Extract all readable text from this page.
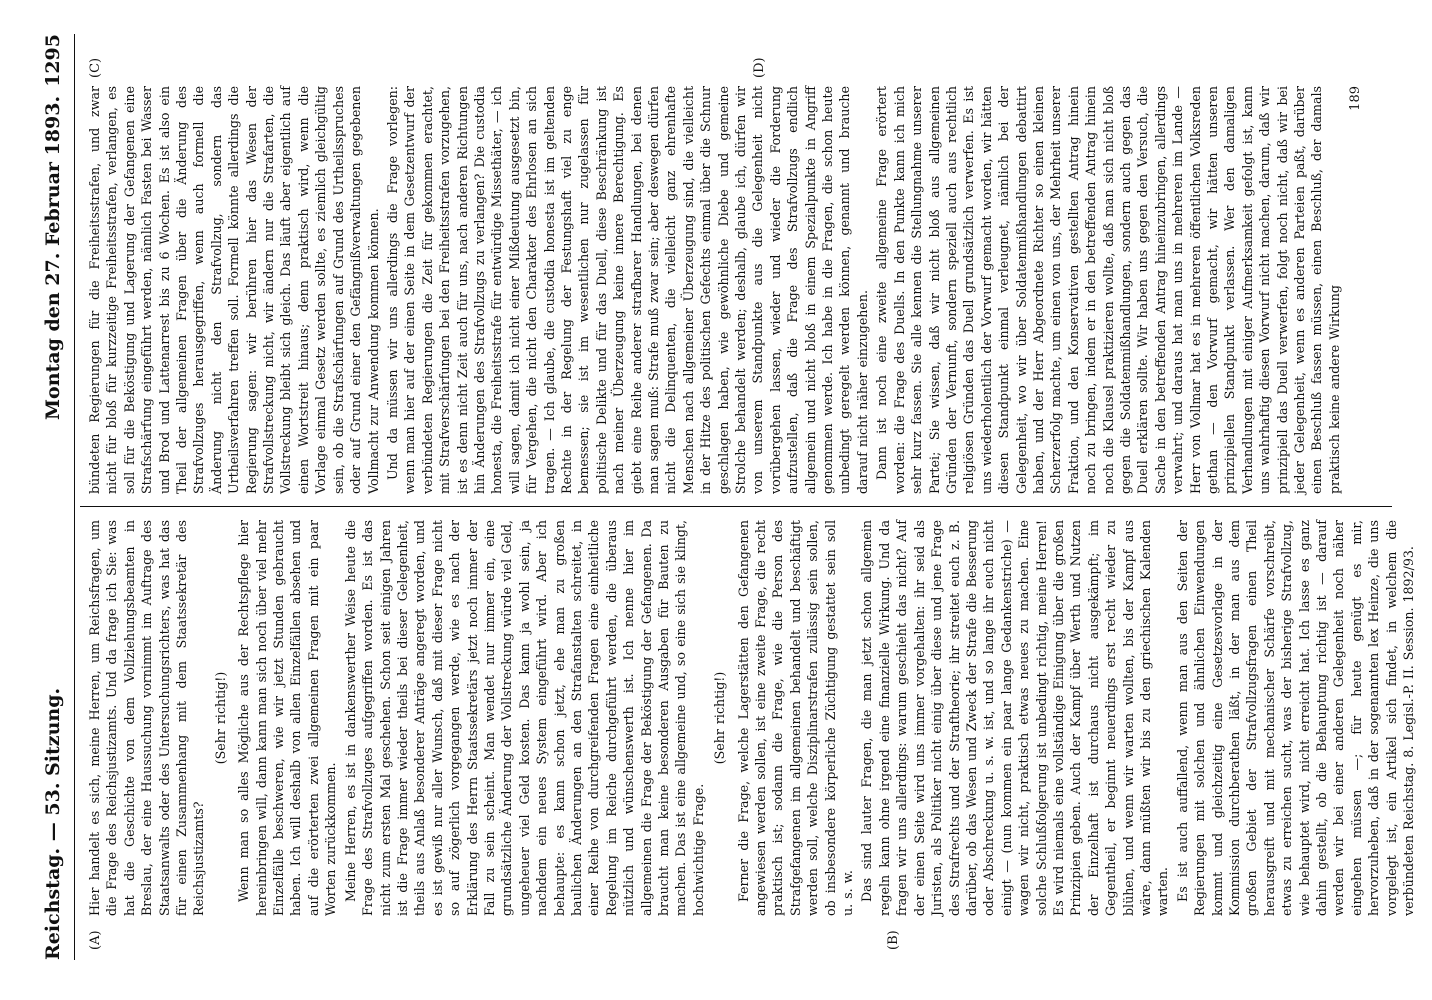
Reichstag. — 53. Sitzung.
Montag den 27. Februar 1893.
1295
(A)	(B)
(C)	(D)

Hier handelt es sich, meine Herren, um Reichsfragen, um die Frage des Reichsjustizamts. Und da frage ich Sie: was hat die Geschichte von dem Vollziehungsbeamten in Breslau, der eine Haussuchung vornimmt im Auftrage des Staatsanwalts oder des Untersuchungsrichters, was hat das für einen Zusammenhang mit dem Staatssekretär des Reichsjustizamts?

(Sehr richtig!) Wenn man so alles Mögliche aus der Rechtspflege hier hereinbringen will, dann kann man sich noch über viel mehr Einzelfälle beschweren, wie wir jetzt Stunden gebraucht haben. Ich will deshalb von allen Einzelfällen absehen und auf die erörterten zwei allgemeinen Fragen mit ein paar Worten zurückkommen. Meine Herren, es ist in dankenswerther Weise heute die Frage des Strafvollzuges aufgegriffen worden. Es ist das nicht zum ersten Mal geschehen. Schon seit einigen Jahren ist die Frage immer wieder theils bei dieser Gelegenheit, theils aus Anlaß besonderer Anträge angeregt worden, und es ist gewiß nur aller Wunsch, daß mit dieser Frage nicht so auf zögerlich vorgegangen werde, wie es nach der Erklärung des Herrn Staatssekretärs jetzt noch immer der Fall zu sein scheint. Man wendet nur immer ein, eine grundsätzliche Änderung der Vollstreckung würde viel Geld, ungeheuer viel Geld kosten. Das kann ja wohl sein, ja nachdem ein neues System eingeführt wird. Aber ich behaupte: es kann schon jetzt, ehe man zu großen baulichen Änderungen an den Strafanstalten schreitet, in einer Reihe von durchgreifenden Fragen eine einheitliche Regelung im Reiche durchgeführt werden, die überaus nützlich und wünschenswerth ist. Ich nenne hier im allgemeinen die Frage der Beköstigung der Gefangenen. Da braucht man keine besonderen Ausgaben für Bauten zu machen. Das ist eine allgemeine und, so eine sich sie klingt, hochwichtige Frage.

(Sehr richtig!) Ferner die Frage, welche Lagerstätten den Gefangenen angewiesen werden sollen, ist eine zweite Frage, die recht praktisch ist; sodann die Frage, wie die Person des Strafgefangenen im allgemeinen behandelt und beschäftigt werden soll, welche Disziplinarstrafen zulässig sein sollen, ob insbesondere körperliche Züchtigung gestattet sein soll u. s. w. Das sind lauter Fragen, die man jetzt schon allgemein regeln kann ohne irgend eine finanzielle Wirkung. Und da fragen wir uns allerdings: warum geschieht das nicht? Auf der einen Seite wird uns immer vorgehalten: ihr seid als Juristen, als Politiker nicht einig über diese und jene Frage des Strafrechts und der Straftheorie; ihr streitet euch z. B. darüber, ob das Wesen und Zweck der Strafe die Besserung oder Abschreckung u. s. w. ist, und so lange ihr euch nicht einigt — (nun kommen ein paar lange Gedankenstriche) — wagen wir nicht, praktisch etwas neues zu machen. Eine solche Schlußfolgerung ist unbedingt richtig, meine Herren! Es wird niemals eine vollständige Einigung über die großen Prinzipien geben. Auch der Kampf über Werth und Nutzen der Einzelhaft ist durchaus nicht ausgekämpft; im Gegentheil, er beginnt neuerdings erst recht wieder zu blühen, und wenn wir warten wollten, bis der Kampf aus wäre, dann müßten wir bis zu den griechischen Kalenden warten. Es ist auch auffallend, wenn man aus den Seiten der Regierungen mit solchen und ähnlichen Einwendungen kommt und gleichzeitig eine Gesetzesvorlage in der Kommission durchberathen läßt, in der man aus dem großen Gebiet der Strafvollzugsfragen einen Theil herausgreift und mit mechanischer Schärfe vorschreibt, etwas zu erreichen sucht, was der bisherige Strafvollzug, wie behauptet wird, nicht erreicht hat. Ich lasse es ganz dahin gestellt, ob die Behauptung richtig ist — darauf werden wir bei einer anderen Gelegenheit noch näher eingehen müssen —; für heute genügt es mir, hervorzuheben, daß in der sogenannten lex Heinze, die uns vorgelegt ist, ein Artikel sich findet, in welchem die verbündeten Reichstag. 8. Legisl.-P. II. Session. 1892/93.

bündeten Regierungen für die Freiheitsstrafen, und zwar nicht für bloß für kurzzeitige Freiheitsstrafen, verlangen, es soll für die Beköstigung und Lagerung der Gefangenen eine Strafschärfung eingeführt werden, nämlich Fasten bei Wasser und Brod und Lattenarrest bis zu 6 Wochen. Es ist also ein Theil der allgemeinen Fragen über die Änderung des Strafvollzuges herausgegriffen, wenn auch formell die Änderung nicht den Strafvollzug, sondern das Urtheilsverfahren treffen soll. Formell könnte allerdings die Regierung sagen: wir berühren hier das Wesen der Strafvollstreckung nicht, wir ändern nur die Strafarten, die Vollstreckung bleibt sich gleich. Das läuft aber eigentlich auf einen Wortstreit hinaus; denn praktisch wird, wenn die Vorlage einmal Gesetz werden sollte, es ziemlich gleichgültig sein, ob die Strafschärfungen auf Grund des Urtheilsspruches oder auf Grund einer den Gefängnißverwaltungen gegebenen Vollmacht zur Anwendung kommen können. Und da müssen wir uns allerdings die Frage vorlegen: wenn man hier auf der einen Seite in dem Gesetzentwurf der verbündeten Regierungen die Zeit für gekommen erachtet, mit Strafverschärfungen bei den Freiheitsstrafen vorzugehen, ist es denn nicht Zeit auch für uns, nach anderen Richtungen hin Änderungen des Strafvollzugs zu verlangen? Die custodia honesta, die Freiheitsstrafe für entwürdige Missethäter, — ich will sagen, damit ich nicht einer Mißdeutung ausgesetzt bin, für Vergehen, die nicht den Charakter des Ehrlosen an sich tragen. — Ich glaube, die custodia honesta ist im geltenden Rechte in der Regelung der Festungshaft viel zu enge bemessen; sie ist im wesentlichen nur zugelassen für politische Delikte und für das Duell, diese Beschränkung ist nach meiner Überzeugung keine innere Berechtigung. Es giebt eine Reihe anderer strafbarer Handlungen, bei denen man sagen muß: Strafe muß zwar sein; aber deswegen dürfen nicht die Delinquenten, die vielleicht ganz ehrenhafte Menschen nach allgemeiner Überzeugung sind, die vielleicht in der Hitze des politischen Gefechts einmal über die Schnur geschlagen haben, wie gewöhnliche Diebe und gemeine Strolche behandelt werden; deshalb, glaube ich, dürfen wir von unserem Standpunkte aus die Gelegenheit nicht vorübergehen lassen, wieder und wieder die Forderung aufzustellen, daß die Frage des Strafvollzugs endlich allgemein und nicht bloß in einem Spezialpunkte in Angriff genommen werde. Ich habe in die Fragen, die schon heute unbedingt geregelt werden können, genannt und brauche darauf nicht näher einzugehen. Dann ist noch eine zweite allgemeine Frage erörtert worden: die Frage des Duells. In den Punkte kann ich mich sehr kurz fassen. Sie alle kennen die Stellungnahme unserer Partei; Sie wissen, daß wir nicht bloß aus allgemeinen Gründen der Vernunft, sondern speziell auch aus rechtlich religiösen Gründen das Duell grundsätzlich verwerfen. Es ist uns wiederholentlich der Vorwurf gemacht worden, wir hätten diesen Standpunkt einmal verleugnet, nämlich bei der Gelegenheit, wo wir über Soldatenmißhandlungen debattirt haben, und der Herr Abgeordnete Richter so einen kleinen Scherzerfolg machte, um einen von uns, der Mehrheit unserer Fraktion, und den Konservativen gestellten Antrag hinein noch zu bringen, indem er in den betreffenden Antrag hinein noch die Klausel praktizieren wollte, daß man sich nicht bloß gegen die Soldatenmißhandlungen, sondern auch gegen das Duell erklären sollte. Wir haben uns gegen den Versuch, die Sache in den betreffenden Antrag hineinzubringen, allerdings verwahrt; und daraus hat man uns in mehreren im Lande — Herr von Vollmar hat es in mehreren öffentlichen Volksreden gethan — den Vorwurf gemacht, wir hätten unseren prinzipiellen Standpunkt verlassen. Wer den damaligen Verhandlungen mit einiger Aufmerksamkeit gefolgt ist, kann uns wahrhaftig diesen Vorwurf nicht machen, darum, daß wir prinzipiell das Duell verwerfen, folgt noch nicht, daß wir bei jeder Gelegenheit, wenn es anderen Parteien paßt, darüber einen Beschluß fassen müssen, einen Beschluß, der damals praktisch keine andere Wirkung

189
